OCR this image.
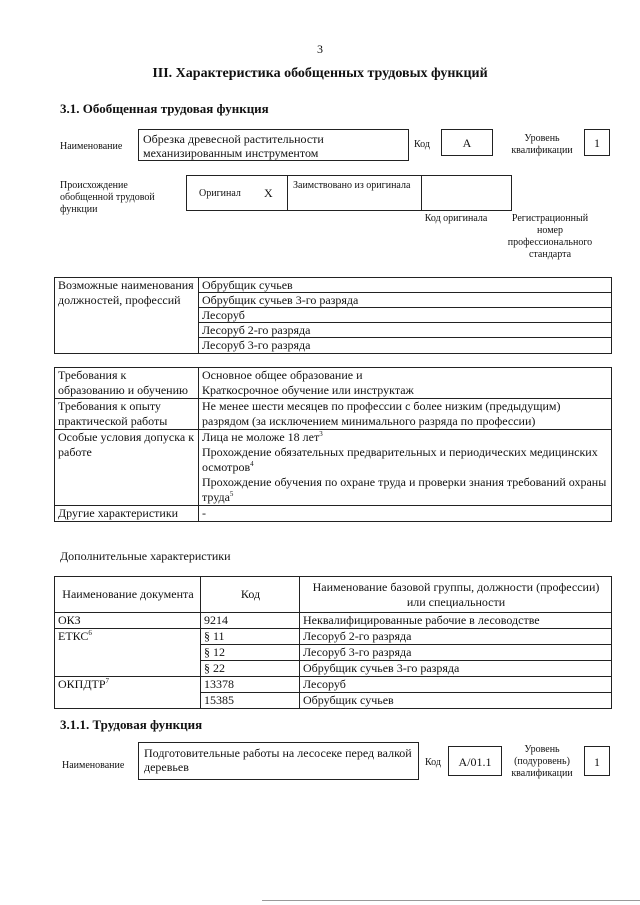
3
III. Характеристика обобщенных трудовых функций
3.1. Обобщенная трудовая функция
Наименование
Обрезка древесной растительности механизированным инструментом
Код	А	Уровень квалификации
1
Происхождение обобщенной трудовой функции
Оригинал Х
Заимствовано из оригинала
Код оригинала	Регистрационный номер профессионального стандарта
Возможные наименования должностей, профессий	
Обрубщик сучьев
Обрубщик сучьев 3-го разряда
Лесоруб
Лесоруб 2-го разряда
Лесоруб 3-го разряда
Требования к образованию и обучению	Основное общее образование и
Краткосрочное обучение или инструктаж

Требования к опыту практической работы	Не менее шести месяцев по профессии с более низким (предыдущим) разрядом (за исключением минимального разряда по профессии)
Особые условия допуска к работе	Лица не моложе 18 лет$^3$
Прохождение обязательных предварительных и периодических медицинских осмотров$^4$
Прохождение обучения по охране труда и проверки знания требований охраны труда$^5$

Другие характеристики	-
Дополнительные характеристики
Наименование документа	Код	Наименование базовой группы, должности (профессии) или специальности
ОКЗ	9214	Неквалифицированные рабочие в лесоводстве
ЕТКС$^6$	§ 11	Лесоруб 2-го разряда
	§ 12	Лесоруб 3-го разряда
	§ 22	Обрубщик сучьев 3-го разряда
ОКПДТР$^7$	13378	Лесоруб
	15385	Обрубщик сучьев
3.1.1. Трудовая функция
Наименование
Подготовительные работы на лесосеке перед валкой деревьев	Код	А/01.1
Уровень (подуровень) квалификации
1
